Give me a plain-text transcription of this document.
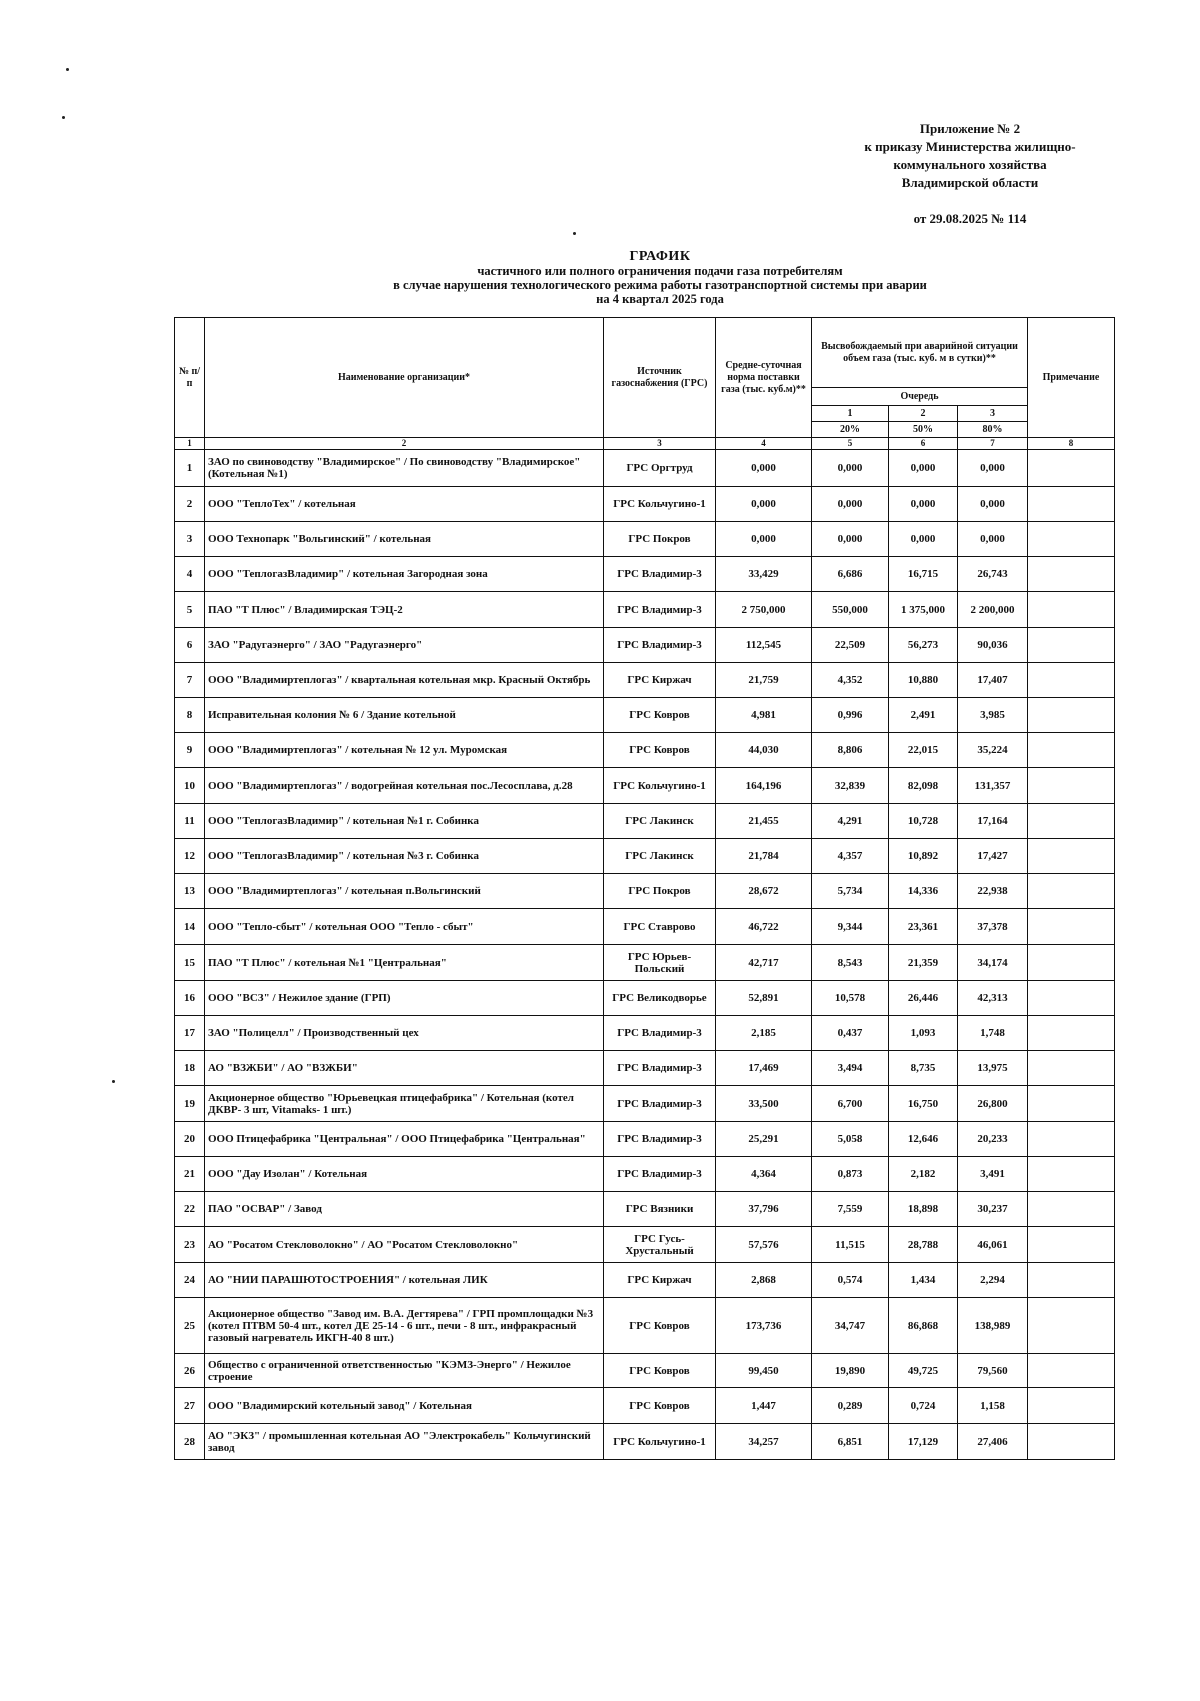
Приложение № 2
к приказу Министерства жилищно-
коммунального хозяйства
Владимирской области
от 29.08.2025 № 114
ГРАФИК
частичного или полного ограничения подачи газа потребителям
в случае нарушения технологического режима работы газотранспортной системы при аварии
на 4 квартал 2025 года
№ п/п	Наименование организации*	Источник газоснабжения (ГРС)	Средне-суточная норма поставки газа (тыс. куб.м)**	Высвобождаемый при аварийной ситуации объем газа (тыс. куб. м в сутки)**			Примечание
				Очередь			
				1	2	3	
				20%	50%	80%	
1	2	3	4	5	6	7	8
1	ЗАО по свиноводству "Владимирское" / По свиноводству "Владимирское" (Котельная №1)	ГРС Оргтруд	0,000	0,000	0,000	0,000	
2	ООО "ТеплоТех" / котельная	ГРС Кольчугино-1	0,000	0,000	0,000	0,000	
3	ООО Технопарк "Вольгинский" / котельная	ГРС Покров	0,000	0,000	0,000	0,000	
4	ООО "ТеплогазВладимир" / котельная Загородная зона	ГРС Владимир-3	33,429	6,686	16,715	26,743	
5	ПАО "Т Плюс" / Владимирская ТЭЦ-2	ГРС Владимир-3	2 750,000	550,000	1 375,000	2 200,000	
6	ЗАО "Радугаэнерго" / ЗАО "Радугаэнерго"	ГРС Владимир-3	112,545	22,509	56,273	90,036	
7	ООО "Владимиртеплогаз" / квартальная котельная мкр. Красный Октябрь	ГРС Киржач	21,759	4,352	10,880	17,407	
8	Исправительная колония № 6 / Здание котельной	ГРС Ковров	4,981	0,996	2,491	3,985	
9	ООО "Владимиртеплогаз" / котельная № 12 ул. Муромская	ГРС Ковров	44,030	8,806	22,015	35,224	
10	ООО "Владимиртеплогаз" / водогрейная котельная пос.Лесосплава, д.28	ГРС Кольчугино-1	164,196	32,839	82,098	131,357	
11	ООО "ТеплогазВладимир" / котельная №1 г. Собинка	ГРС Лакинск	21,455	4,291	10,728	17,164	
12	ООО "ТеплогазВладимир" / котельная №3 г. Собинка	ГРС Лакинск	21,784	4,357	10,892	17,427	
13	ООО "Владимиртеплогаз" / котельная п.Вольгинский	ГРС Покров	28,672	5,734	14,336	22,938	
14	ООО "Тепло-сбыт" / котельная ООО "Тепло - сбыт"	ГРС Ставрово	46,722	9,344	23,361	37,378	
15	ПАО "Т Плюс" / котельная №1 "Центральная"	ГРС Юрьев-Польский	42,717	8,543	21,359	34,174	
16	ООО "ВСЗ" / Нежилое здание (ГРП)	ГРС Великодворье	52,891	10,578	26,446	42,313	
17	ЗАО "Полицелл" / Производственный цех	ГРС Владимир-3	2,185	0,437	1,093	1,748	
18	АО "ВЗЖБИ" / АО "ВЗЖБИ"	ГРС Владимир-3	17,469	3,494	8,735	13,975	
19	Акционерное общество "Юрьевецкая птицефабрика" / Котельная (котел ДКВР- 3 шт, Vitamaks- 1 шт.)	ГРС Владимир-3	33,500	6,700	16,750	26,800	
20	ООО Птицефабрика "Центральная" / ООО Птицефабрика "Центральная"	ГРС Владимир-3	25,291	5,058	12,646	20,233	
21	ООО "Дау Изолан" / Котельная	ГРС Владимир-3	4,364	0,873	2,182	3,491	
22	ПАО "ОСВАР" / Завод	ГРС Вязники	37,796	7,559	18,898	30,237	
23	АО "Росатом Стекловолокно" / АО "Росатом Стекловолокно"	ГРС Гусь-Хрустальный	57,576	11,515	28,788	46,061	
24	АО "НИИ ПАРАШЮТОСТРОЕНИЯ" / котельная ЛИК	ГРС Киржач	2,868	0,574	1,434	2,294	
25	Акционерное общество "Завод им. В.А. Дегтярева" / ГРП промплощадки №3 (котел ПТВМ 50-4 шт., котел ДЕ 25-14 - 6 шт., печи - 8 шт., инфракрасный газовый нагреватель ИКГН-40 8 шт.)	ГРС Ковров	173,736	34,747	86,868	138,989	
26	Общество с ограниченной ответственностью "КЭМЗ-Энерго" / Нежилое строение	ГРС Ковров	99,450	19,890	49,725	79,560	
27	ООО "Владимирский котельный завод" / Котельная	ГРС Ковров	1,447	0,289	0,724	1,158	
28	АО "ЭКЗ" / промышленная котельная АО "Электрокабель" Кольчугинский завод	ГРС Кольчугино-1	34,257	6,851	17,129	27,406	
